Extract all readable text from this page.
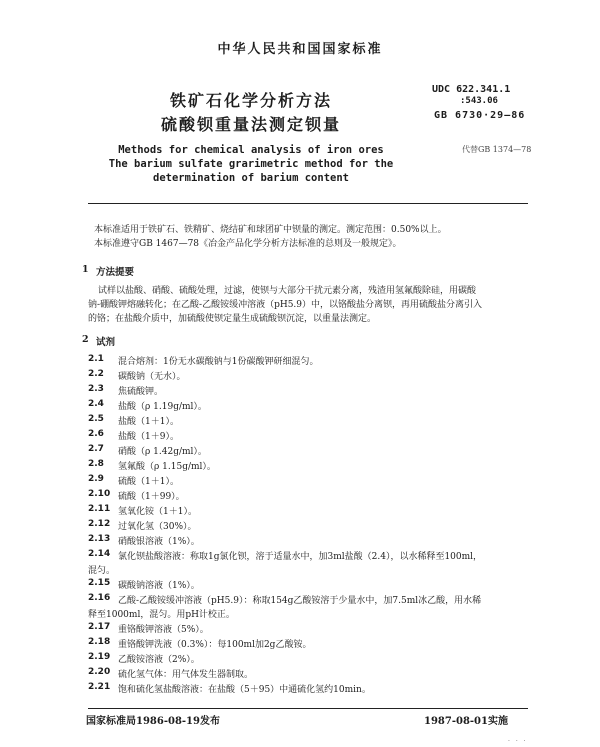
中华人民共和国国家标准
铁矿石化学分析方法
硫酸钡重量法测定钡量
UDC 622.341.1
:543.06
GB 6730·29—86
Methods for chemical analysis of iron ores
The barium sulfate grarimetric method for the
determination of barium content
代替GB 1374—78
本标准适用于铁矿石、铁精矿、烧结矿和球团矿中钡量的测定。测定范围：0.50%以上。
本标准遵守GB 1467—78《冶金产品化学分析方法标准的总则及一般规定》。
1 方法提要
试样以盐酸、硝酸、硫酸处理，过滤，使钡与大部分干扰元素分离，残渣用氢氟酸除硅，用碳酸
钠-硼酸钾熔融转化；在乙酸-乙酸铵缓冲溶液（pH5.9）中，以铬酸盐分离钡，再用硫酸盐分离引入
的铬；在盐酸介质中，加硫酸使钡定量生成硫酸钡沉淀，以重量法测定。
2 试剂
2.1 混合熔剂：1份无水碳酸钠与1份碳酸钾研细混匀。
2.2 碳酸钠（无水）。
2.3 焦硫酸钾。
2.4 盐酸（ρ 1.19g/ml）。
2.5 盐酸（1＋1）。
2.6 盐酸（1＋9）。
2.7 硝酸（ρ 1.42g/ml）。
2.8 氢氟酸（ρ 1.15g/ml）。
2.9 硫酸（1＋1）。
2.10 硫酸（1＋99）。
2.11 氢氧化铵（1＋1）。
2.12 过氧化氢（30%）。
2.13 硝酸银溶液（1%）。
2.14 氯化钡盐酸溶液：称取1g氯化钡，溶于适量水中，加3ml盐酸（2.4），以水稀释至100ml，
混匀。
2.15 碳酸钠溶液（1%）。
2.16 乙酸-乙酸铵缓冲溶液（pH5.9）：称取154g乙酸铵溶于少量水中，加7.5ml冰乙酸，用水稀
释至1000ml，混匀。用pH计校正。
2.17 重铬酸钾溶液（5%）。
2.18 重铬酸钾洗液（0.3%）：每100ml加2g乙酸铵。
2.19 乙酸铵溶液（2%）。
2.20 硫化氢气体：用气体发生器制取。
2.21 饱和硫化氢盐酸溶液：在盐酸（5＋95）中通硫化氢约10min。
国家标准局1986-08-19发布	1987-08-01实施
· · ·
